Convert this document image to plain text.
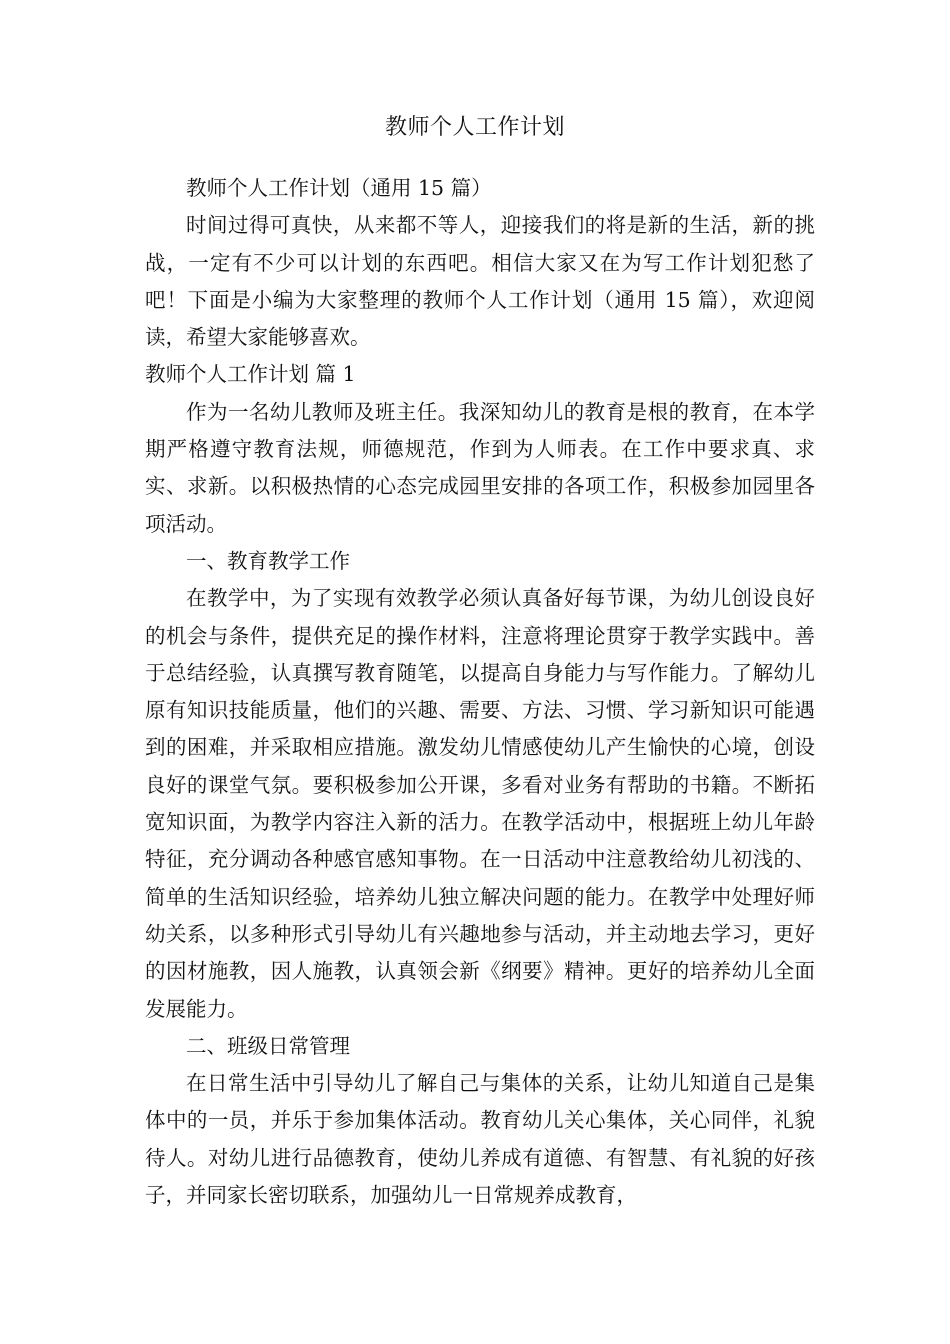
教师个人工作计划

教师个人工作计划（通用 15 篇）

时间过得可真快，从来都不等人，迎接我们的将是新的生活，新的挑战，一定有不少可以计划的东西吧。相信大家又在为写工作计划犯愁了吧！下面是小编为大家整理的教师个人工作计划（通用 15 篇），欢迎阅读，希望大家能够喜欢。

教师个人工作计划 篇 1

作为一名幼儿教师及班主任。我深知幼儿的教育是根的教育，在本学期严格遵守教育法规，师德规范，作到为人师表。在工作中要求真、求实、求新。以积极热情的心态完成园里安排的各项工作，积极参加园里各项活动。

一、教育教学工作

在教学中，为了实现有效教学必须认真备好每节课，为幼儿创设良好的机会与条件，提供充足的操作材料，注意将理论贯穿于教学实践中。善于总结经验，认真撰写教育随笔，以提高自身能力与写作能力。了解幼儿原有知识技能质量，他们的兴趣、需要、方法、习惯、学习新知识可能遇到的困难，并采取相应措施。激发幼儿情感使幼儿产生愉快的心境，创设良好的课堂气氛。要积极参加公开课，多看对业务有帮助的书籍。不断拓宽知识面，为教学内容注入新的活力。在教学活动中，根据班上幼儿年龄特征，充分调动各种感官感知事物。在一日活动中注意教给幼儿初浅的、简单的生活知识经验，培养幼儿独立解决问题的能力。在教学中处理好师幼关系，以多种形式引导幼儿有兴趣地参与活动，并主动地去学习，更好的因材施教，因人施教，认真领会新《纲要》精神。更好的培养幼儿全面发展能力。

二、班级日常管理

在日常生活中引导幼儿了解自己与集体的关系，让幼儿知道自己是集体中的一员，并乐于参加集体活动。教育幼儿关心集体，关心同伴，礼貌待人。对幼儿进行品德教育，使幼儿养成有道德、有智慧、有礼貌的好孩子，并同家长密切联系，加强幼儿一日常规养成教育，
